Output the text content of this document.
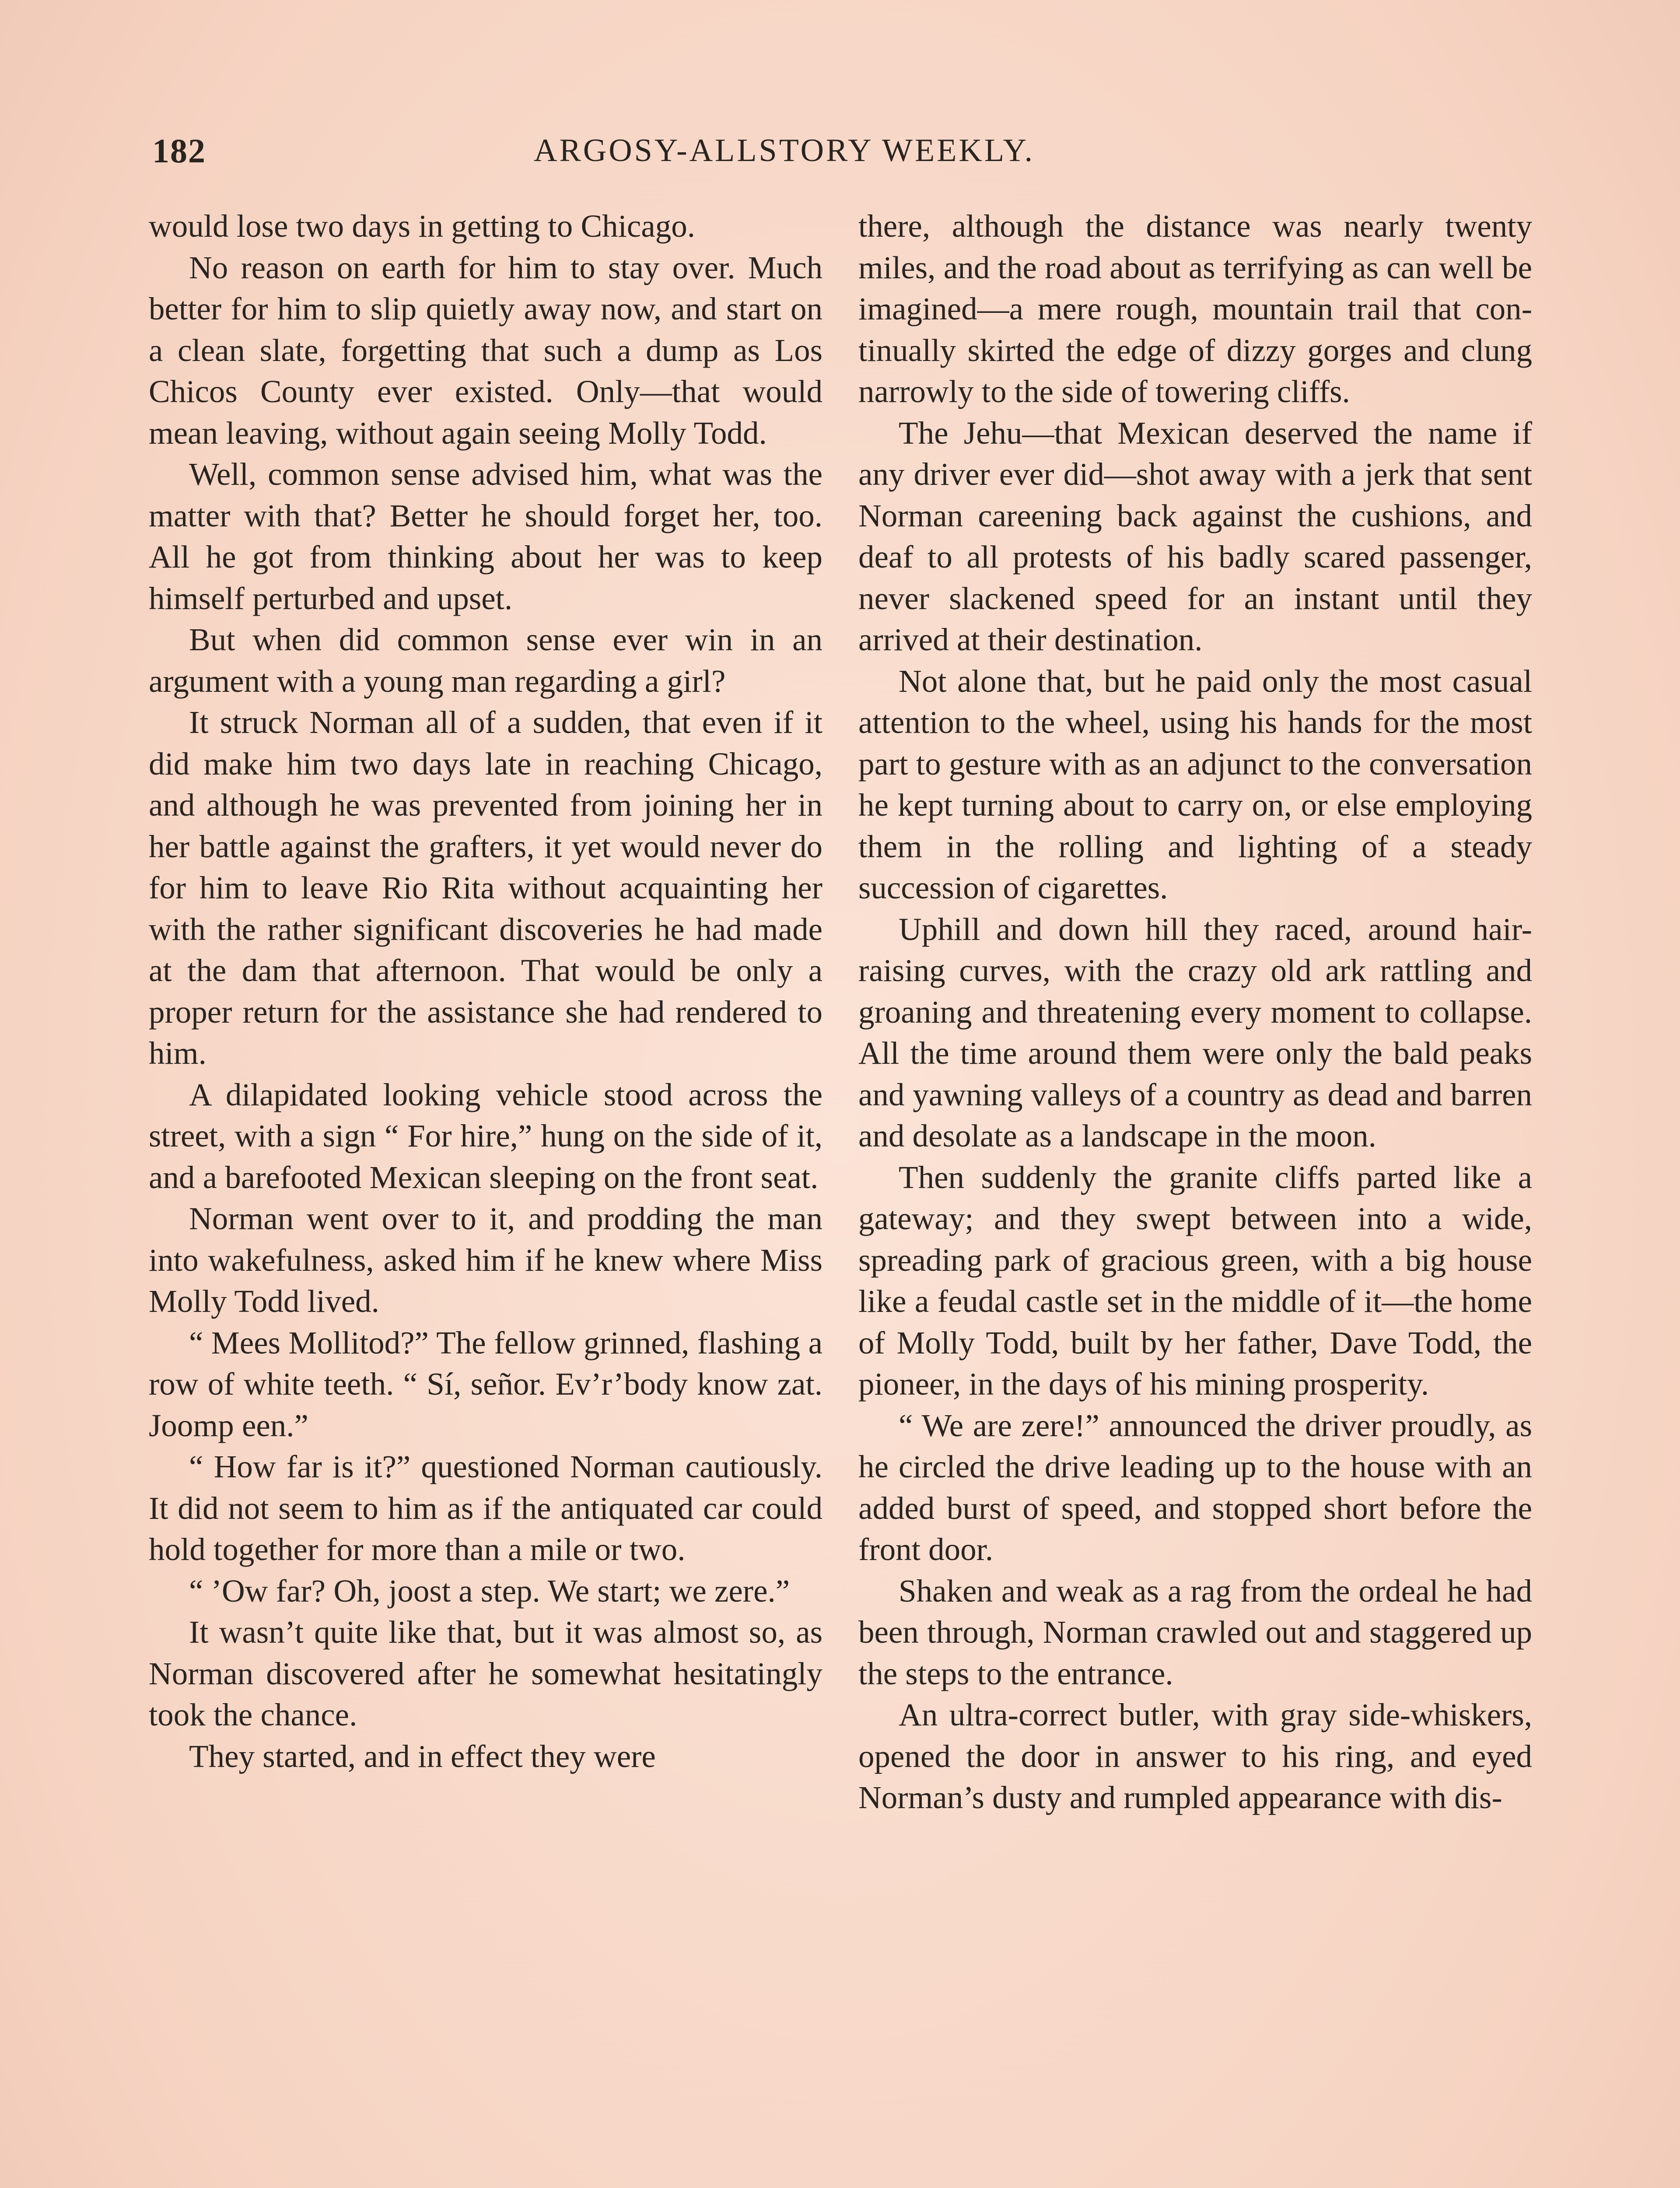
182	ARGOSY-ALLSTORY WEEKLY.

would lose two days in getting to Chicago.

No reason on earth for him to stay over. Much better for him to slip quietly away now, and start on a clean slate, forgetting that such a dump as Los Chicos County ever existed. Only—that would mean leaving, without again seeing Molly Todd.

Well, common sense advised him, what was the matter with that? Better he should forget her, too. All he got from thinking about her was to keep himself perturbed and upset.

But when did common sense ever win in an argument with a young man regarding a girl?

It struck Norman all of a sudden, that even if it did make him two days late in reaching Chicago, and although he was prevented from joining her in her battle against the grafters, it yet would never do for him to leave Rio Rita without acquainting her with the rather significant discoveries he had made at the dam that afternoon. That would be only a proper return for the assistance she had rendered to him.

A dilapidated looking vehicle stood across the street, with a sign “ For hire,” hung on the side of it, and a barefooted Mexican sleeping on the front seat.

Norman went over to it, and prodding the man into wakefulness, asked him if he knew where Miss Molly Todd lived.

“ Mees Mollitod?” The fellow grinned, flashing a row of white teeth. “ Sí, señor. Ev’r’body know zat. Joomp een.”

“ How far is it?” questioned Norman cautiously. It did not seem to him as if the antiquated car could hold together for more than a mile or two.

“ ’Ow far? Oh, joost a step. We start; we zere.”

It wasn’t quite like that, but it was almost so, as Norman discovered after he somewhat hesitatingly took the chance.

They started, and in effect they were

there, although the distance was nearly twenty miles, and the road about as terrifying as can well be imagined—a mere rough, mountain trail that continually skirted the edge of dizzy gorges and clung narrowly to the side of towering cliffs.

The Jehu—that Mexican deserved the name if any driver ever did—shot away with a jerk that sent Norman careening back against the cushions, and deaf to all protests of his badly scared passenger, never slackened speed for an instant until they arrived at their destination.

Not alone that, but he paid only the most casual attention to the wheel, using his hands for the most part to gesture with as an adjunct to the conversation he kept turning about to carry on, or else employing them in the rolling and lighting of a steady succession of cigarettes.

Uphill and down hill they raced, around hair-raising curves, with the crazy old ark rattling and groaning and threatening every moment to collapse. All the time around them were only the bald peaks and yawning valleys of a country as dead and barren and desolate as a landscape in the moon.

Then suddenly the granite cliffs parted like a gateway; and they swept between into a wide, spreading park of gracious green, with a big house like a feudal castle set in the middle of it—the home of Molly Todd, built by her father, Dave Todd, the pioneer, in the days of his mining prosperity.

“ We are zere!” announced the driver proudly, as he circled the drive leading up to the house with an added burst of speed, and stopped short before the front door.

Shaken and weak as a rag from the ordeal he had been through, Norman crawled out and staggered up the steps to the entrance.

An ultra-correct butler, with gray side-whiskers, opened the door in answer to his ring, and eyed Norman’s dusty and rumpled appearance with dis-
